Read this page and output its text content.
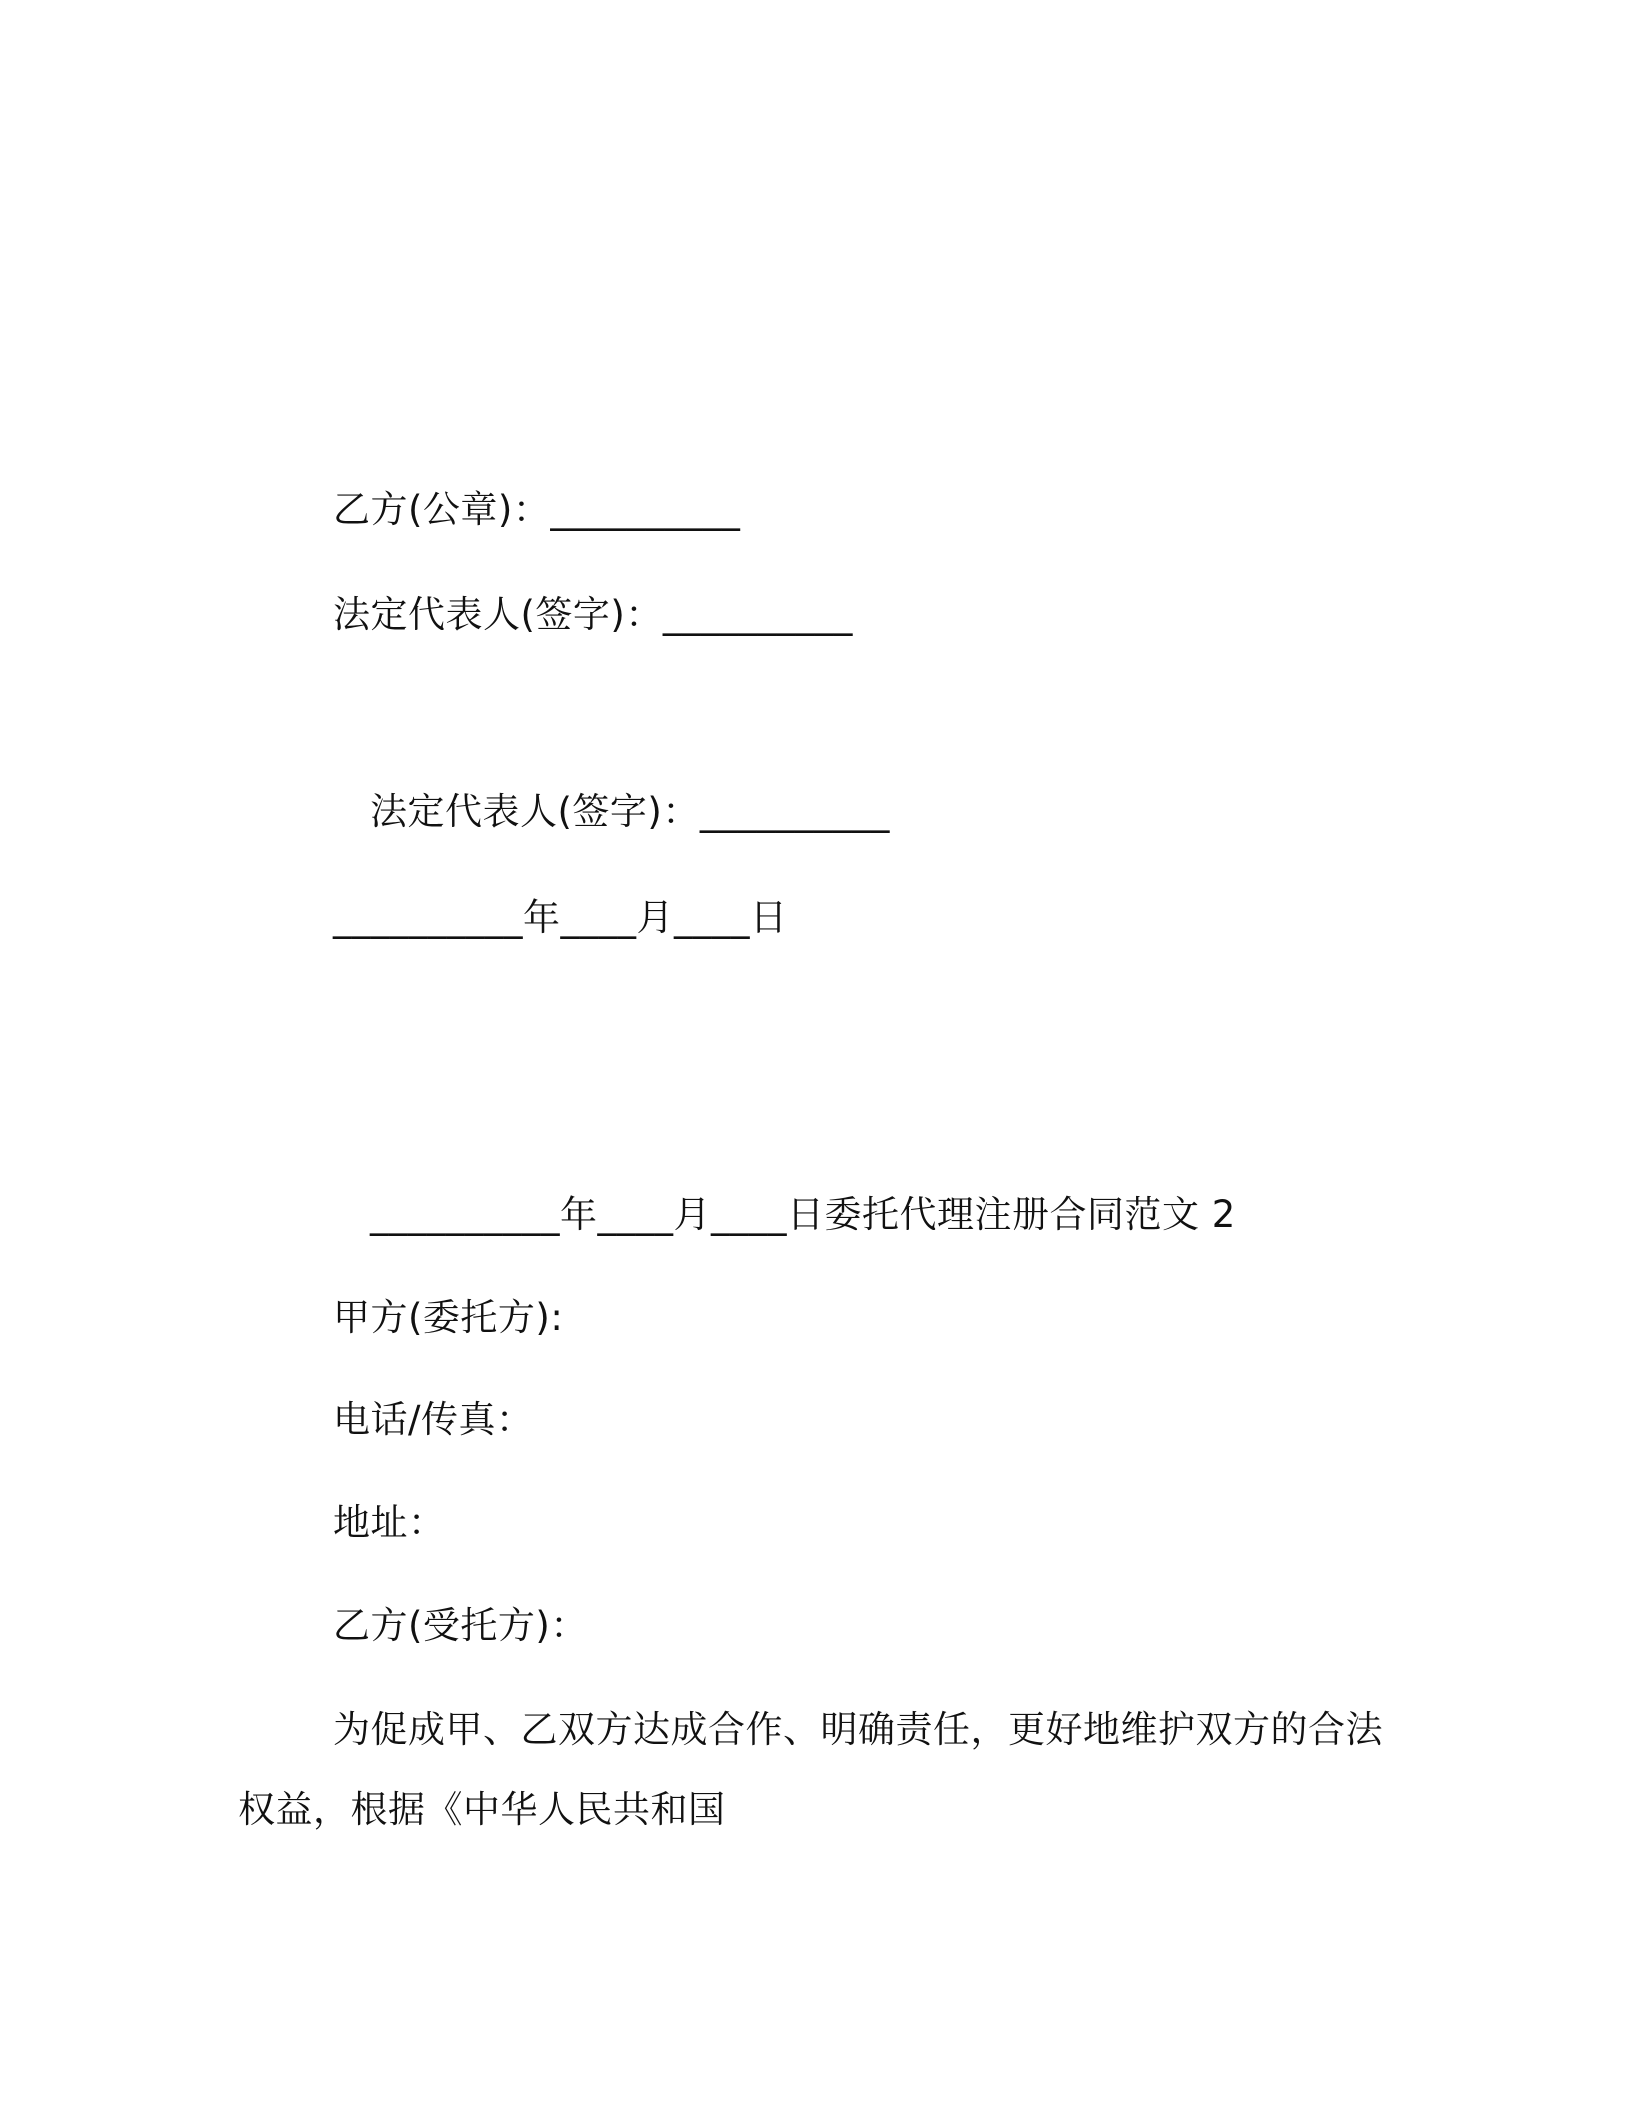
乙方(公章)：__________
法定代表人(签字)：__________
法定代表人(签字)：__________
__________年____月____日
__________年____月____日委托代理注册合同范文 2
甲方(委托方):
电话/传真：
地址：
乙方(受托方)：
为促成甲、乙双方达成合作、明确责任，更好地维护双方的合法
权益，根据《中华人民共和国
